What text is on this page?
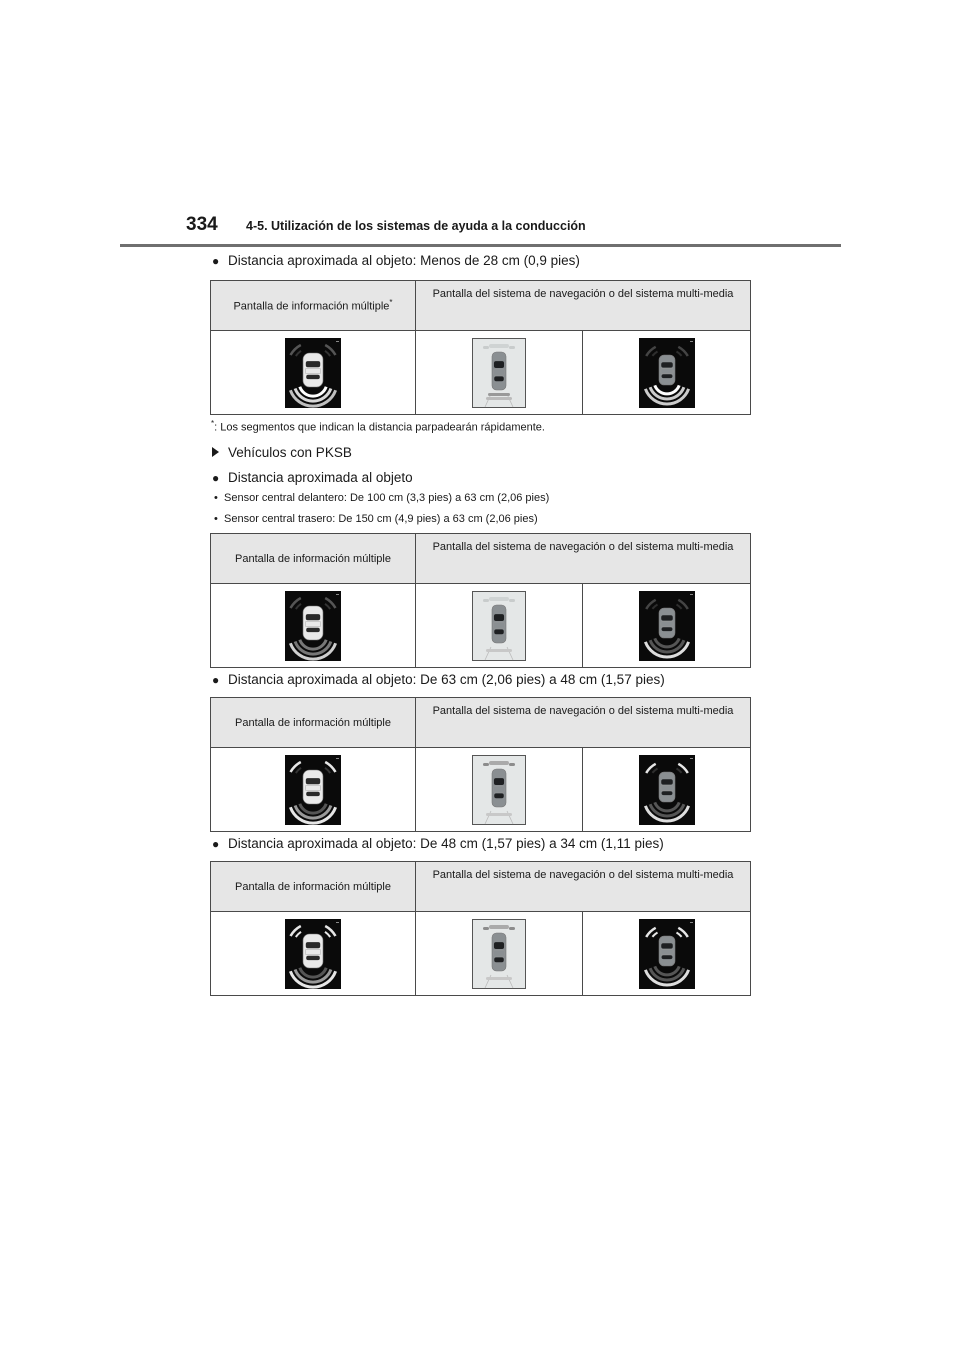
334 4-5. Utilización de los sistemas de ayuda a la conducción
● Distancia aproximada al objeto: Menos de 28 cm (0,9 pies)
Pantalla de información múltiple*	Pantalla del sistema de navegación o del sistema multi-media	

*: Los segmentos que indican la distancia parpadearán rápidamente.
Vehículos con PKSB
● Distancia aproximada al objeto
• Sensor central delantero: De 100 cm (3,3 pies) a 63 cm (2,06 pies)
• Sensor central trasero: De 150 cm (4,9 pies) a 63 cm (2,06 pies)
Pantalla de información múltiple	Pantalla del sistema de navegación o del sistema multi-media	

● Distancia aproximada al objeto: De 63 cm (2,06 pies) a 48 cm (1,57 pies)
Pantalla de información múltiple	Pantalla del sistema de navegación o del sistema multi-media	

● Distancia aproximada al objeto: De 48 cm (1,57 pies) a 34 cm (1,11 pies)
Pantalla de información múltiple	Pantalla del sistema de navegación o del sistema multi-media	
